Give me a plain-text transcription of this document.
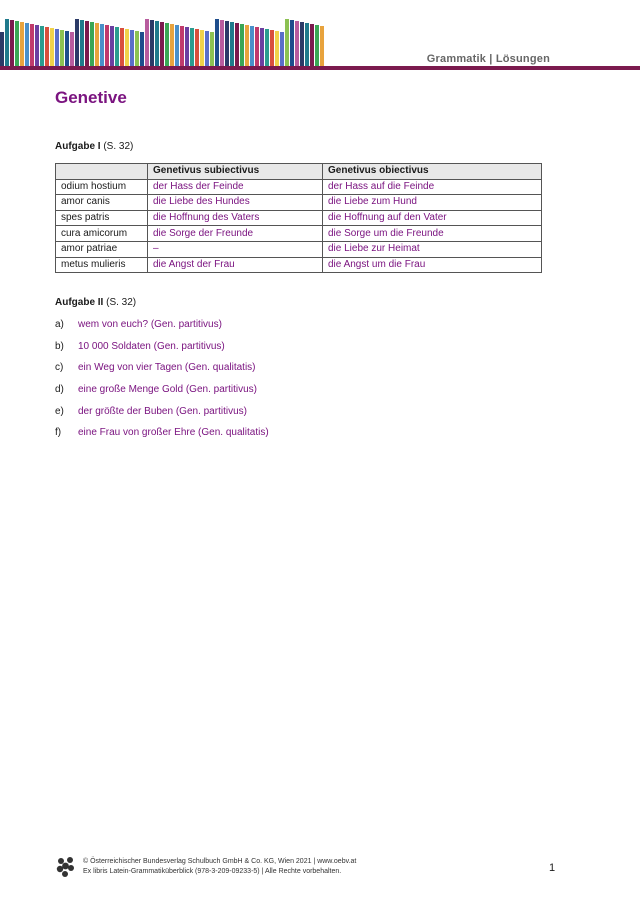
Grammatik | Lösungen
Genetive
Aufgabe I (S. 32)
	Genetivus subiectivus	Genetivus obiectivus
odium hostium	der Hass der Feinde	der Hass auf die Feinde
amor canis	die Liebe des Hundes	die Liebe zum Hund
spes patris	die Hoffnung des Vaters	die Hoffnung auf den Vater
cura amicorum	die Sorge der Freunde	die Sorge um die Freunde
amor patriae	–	die Liebe zur Heimat
metus mulieris	die Angst der Frau	die Angst um die Frau
Aufgabe II (S. 32)
a)	wem von euch? (Gen. partitivus)
b)	10 000 Soldaten (Gen. partitivus)
c)	ein Weg von vier Tagen (Gen. qualitatis)
d)	eine große Menge Gold (Gen. partitivus)
e)	der größte der Buben (Gen. partitivus)
f)	eine Frau von großer Ehre (Gen. qualitatis)
© Österreichischer Bundesverlag Schulbuch GmbH & Co. KG, Wien 2021 | www.oebv.at
Ex libris Latein-Grammatiküberblick (978-3-209-09233-5) | Alle Rechte vorbehalten.	1
